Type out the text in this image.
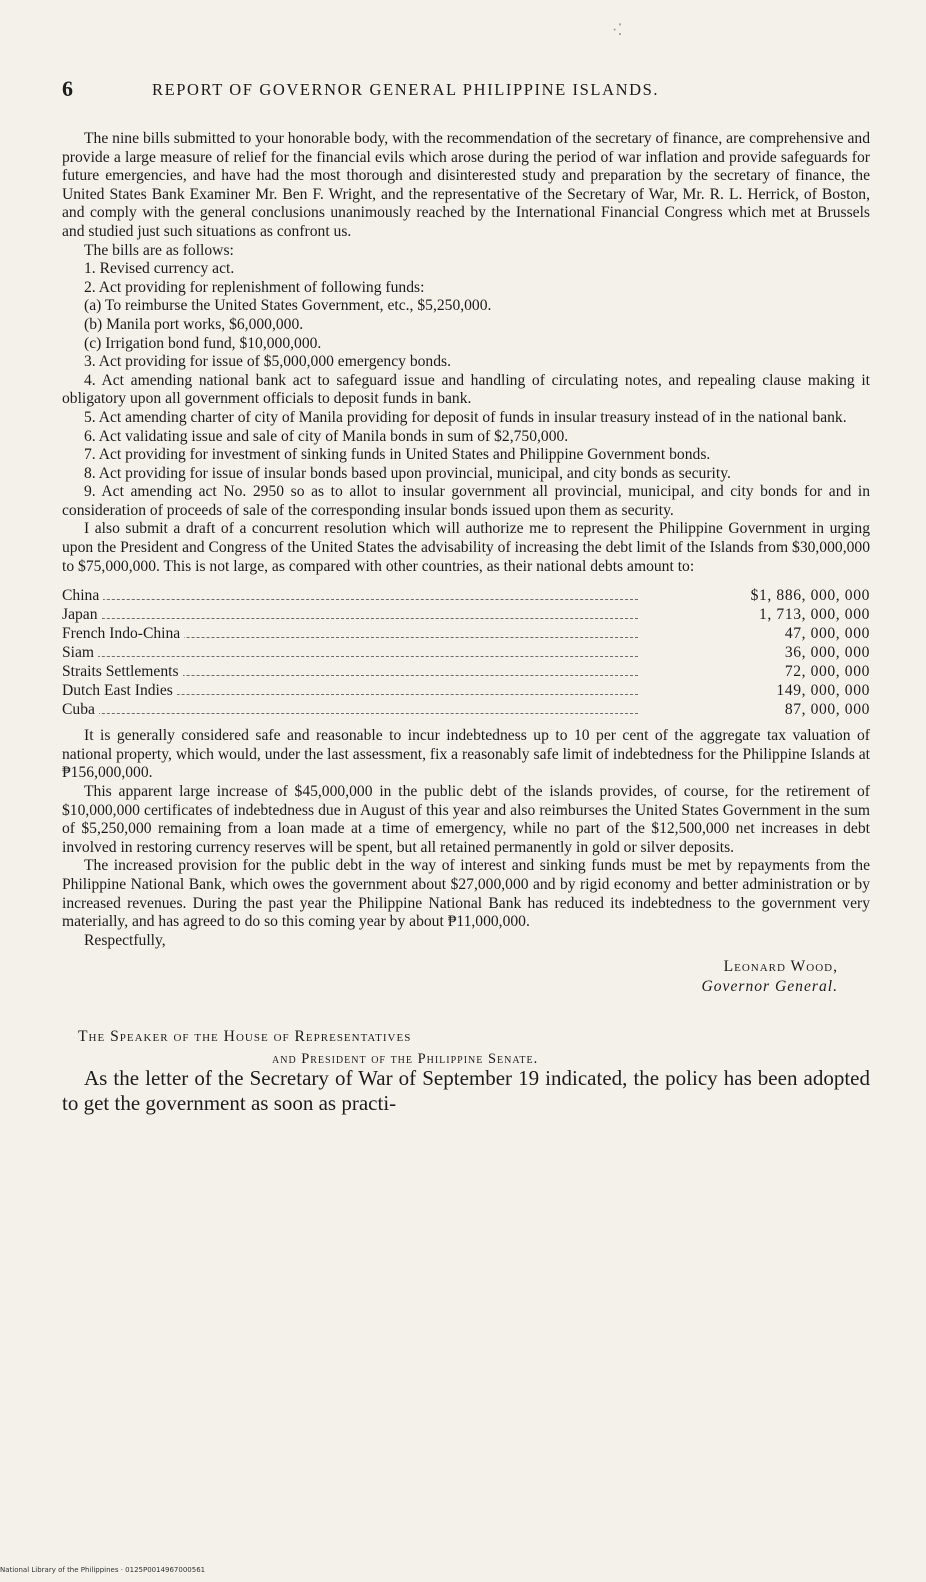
·⁚
6	REPORT OF GOVERNOR GENERAL PHILIPPINE ISLANDS.

The nine bills submitted to your honorable body, with the recommendation of the secretary of finance, are comprehensive and provide a large measure of relief for the financial evils which arose during the period of war inflation and provide safeguards for future emergencies, and have had the most thorough and disinterested study and preparation by the secretary of finance, the United States Bank Examiner Mr. Ben F. Wright, and the representative of the Secretary of War, Mr. R. L. Herrick, of Boston, and comply with the general conclusions unanimously reached by the International Financial Congress which met at Brussels and studied just such situations as confront us.

The bills are as follows:

1. Revised currency act.
2. Act providing for replenishment of following funds:
(a) To reimburse the United States Government, etc., $5,250,000.
(b) Manila port works, $6,000,000.
(c) Irrigation bond fund, $10,000,000.
3. Act providing for issue of $5,000,000 emergency bonds.
4. Act amending national bank act to safeguard issue and handling of circulating notes, and repealing clause making it obligatory upon all government officials to deposit funds in bank.
5. Act amending charter of city of Manila providing for deposit of funds in insular treasury instead of in the national bank.
6. Act validating issue and sale of city of Manila bonds in sum of $2,750,000.
7. Act providing for investment of sinking funds in United States and Philippine Government bonds.
8. Act providing for issue of insular bonds based upon provincial, municipal, and city bonds as security.
9. Act amending act No. 2950 so as to allot to insular government all provincial, municipal, and city bonds for and in consideration of proceeds of sale of the corresponding insular bonds issued upon them as security.

I also submit a draft of a concurrent resolution which will authorize me to represent the Philippine Government in urging upon the President and Congress of the United States the advisability of increasing the debt limit of the Islands from $30,000,000 to $75,000,000. This is not large, as compared with other countries, as their national debts amount to:

China	$1, 886, 000, 000
Japan	1, 713, 000, 000
French Indo-China	47, 000, 000
Siam	36, 000, 000
Straits Settlements	72, 000, 000
Dutch East Indies	149, 000, 000
Cuba	87, 000, 000

It is generally considered safe and reasonable to incur indebtedness up to 10 per cent of the aggregate tax valuation of national property, which would, under the last assessment, fix a reasonably safe limit of indebtedness for the Philippine Islands at ₱156,000,000.

This apparent large increase of $45,000,000 in the public debt of the islands provides, of course, for the retirement of $10,000,000 certificates of indebtedness due in August of this year and also reimburses the United States Government in the sum of $5,250,000 remaining from a loan made at a time of emergency, while no part of the $12,500,000 net increases in debt involved in restoring currency reserves will be spent, but all retained permanently in gold or silver deposits.

The increased provision for the public debt in the way of interest and sinking funds must be met by repayments from the Philippine National Bank, which owes the government about $27,000,000 and by rigid economy and better administration or by increased revenues. During the past year the Philippine National Bank has reduced its indebtedness to the government very materially, and has agreed to do so this coming year by about ₱11,000,000.

Respectfully,

Leonard Wood,
Governor General.
The Speaker of the House of Representatives
and President of the Philippine Senate.

As the letter of the Secretary of War of September 19 indicated, the policy has been adopted to get the government as soon as practi-

National Library of the Philippines · 0125P0014967000561
